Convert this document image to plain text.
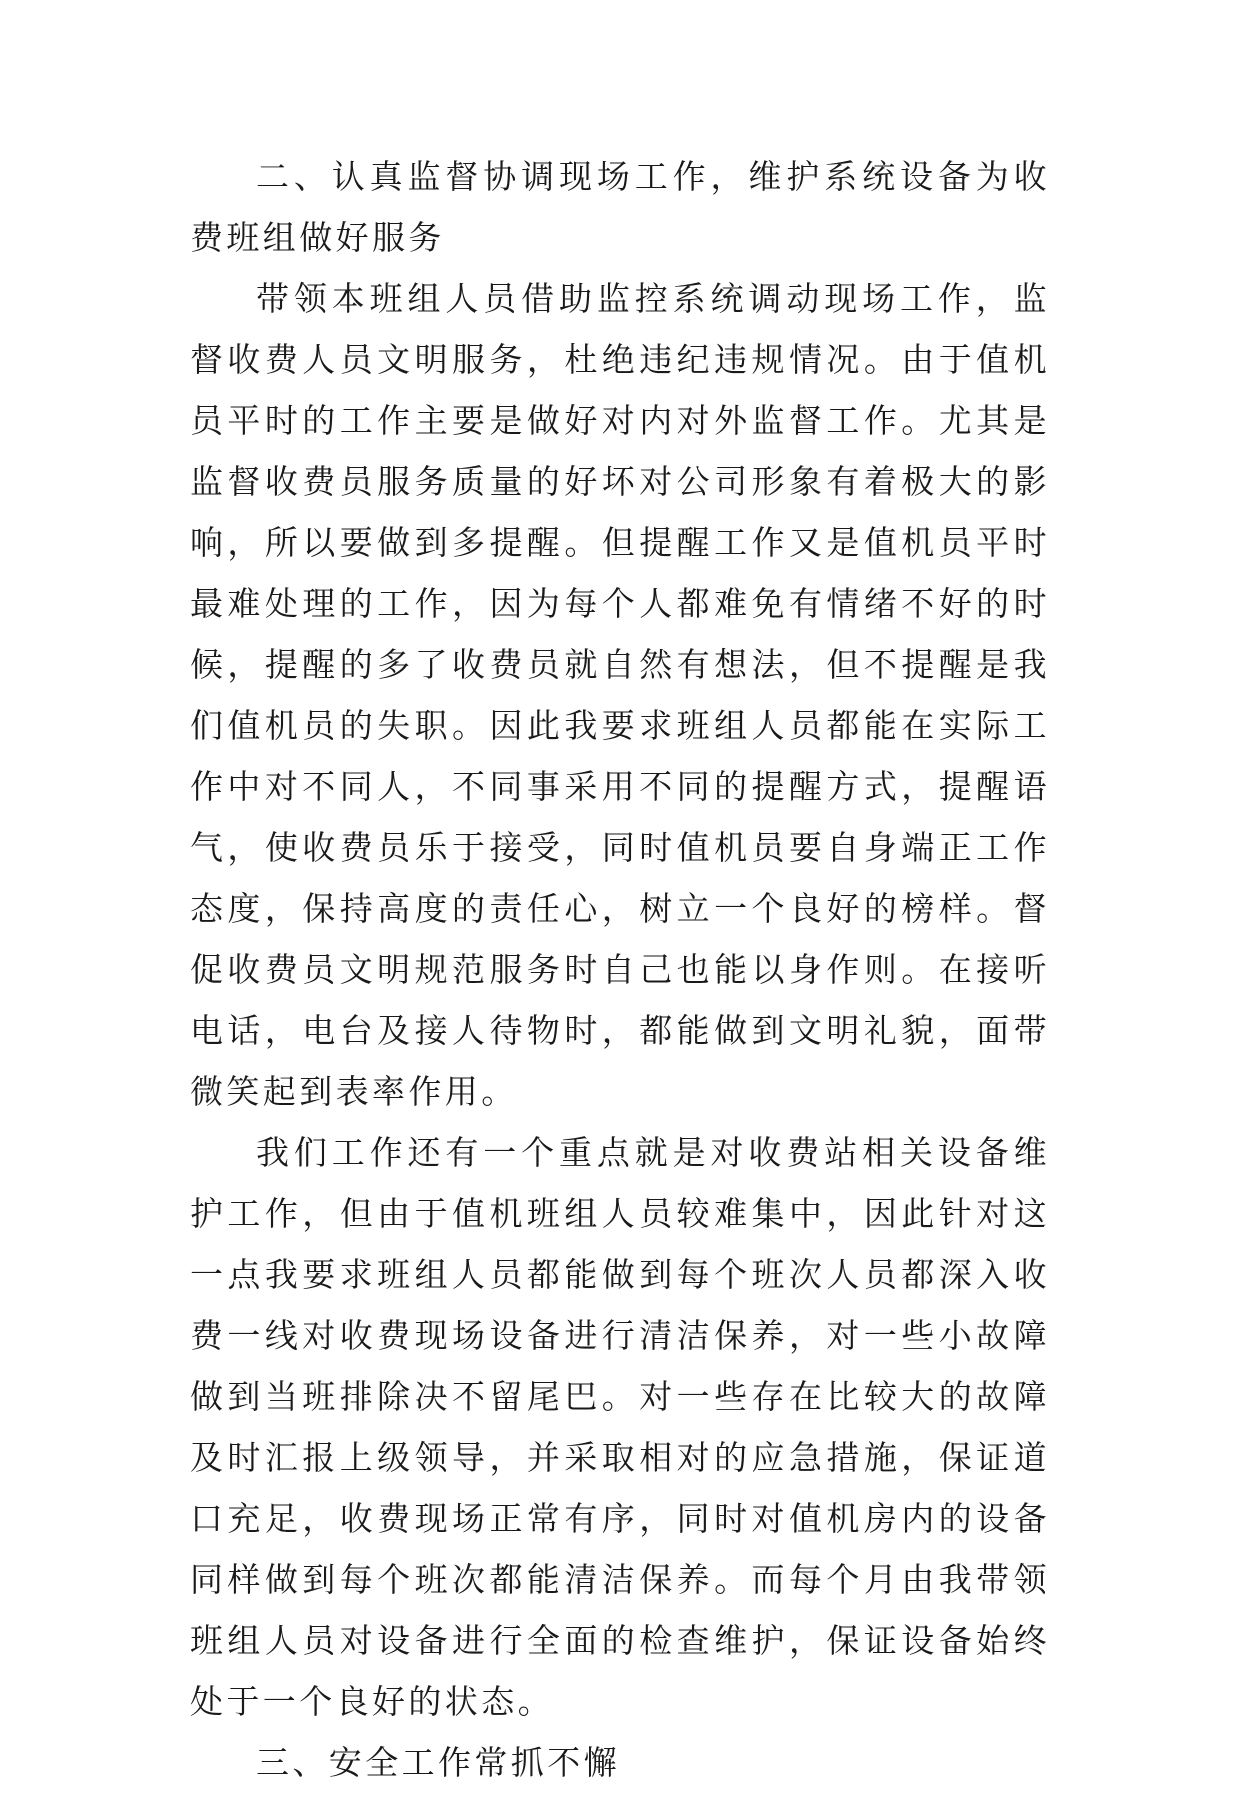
二、认真监督协调现场工作，维护系统设备为收费班组做好服务

带领本班组人员借助监控系统调动现场工作，监督收费人员文明服务，杜绝违纪违规情况。由于值机员平时的工作主要是做好对内对外监督工作。尤其是监督收费员服务质量的好坏对公司形象有着极大的影响，所以要做到多提醒。但提醒工作又是值机员平时最难处理的工作，因为每个人都难免有情绪不好的时候，提醒的多了收费员就自然有想法，但不提醒是我们值机员的失职。因此我要求班组人员都能在实际工作中对不同人，不同事采用不同的提醒方式，提醒语气，使收费员乐于接受，同时值机员要自身端正工作态度，保持高度的责任心，树立一个良好的榜样。督促收费员文明规范服务时自己也能以身作则。在接听电话，电台及接人待物时，都能做到文明礼貌，面带微笑起到表率作用。

我们工作还有一个重点就是对收费站相关设备维护工作，但由于值机班组人员较难集中，因此针对这一点我要求班组人员都能做到每个班次人员都深入收费一线对收费现场设备进行清洁保养，对一些小故障做到当班排除决不留尾巴。对一些存在比较大的故障及时汇报上级领导，并采取相对的应急措施，保证道口充足，收费现场正常有序，同时对值机房内的设备同样做到每个班次都能清洁保养。而每个月由我带领班组人员对设备进行全面的检查维护，保证设备始终处于一个良好的状态。

三、安全工作常抓不懈
